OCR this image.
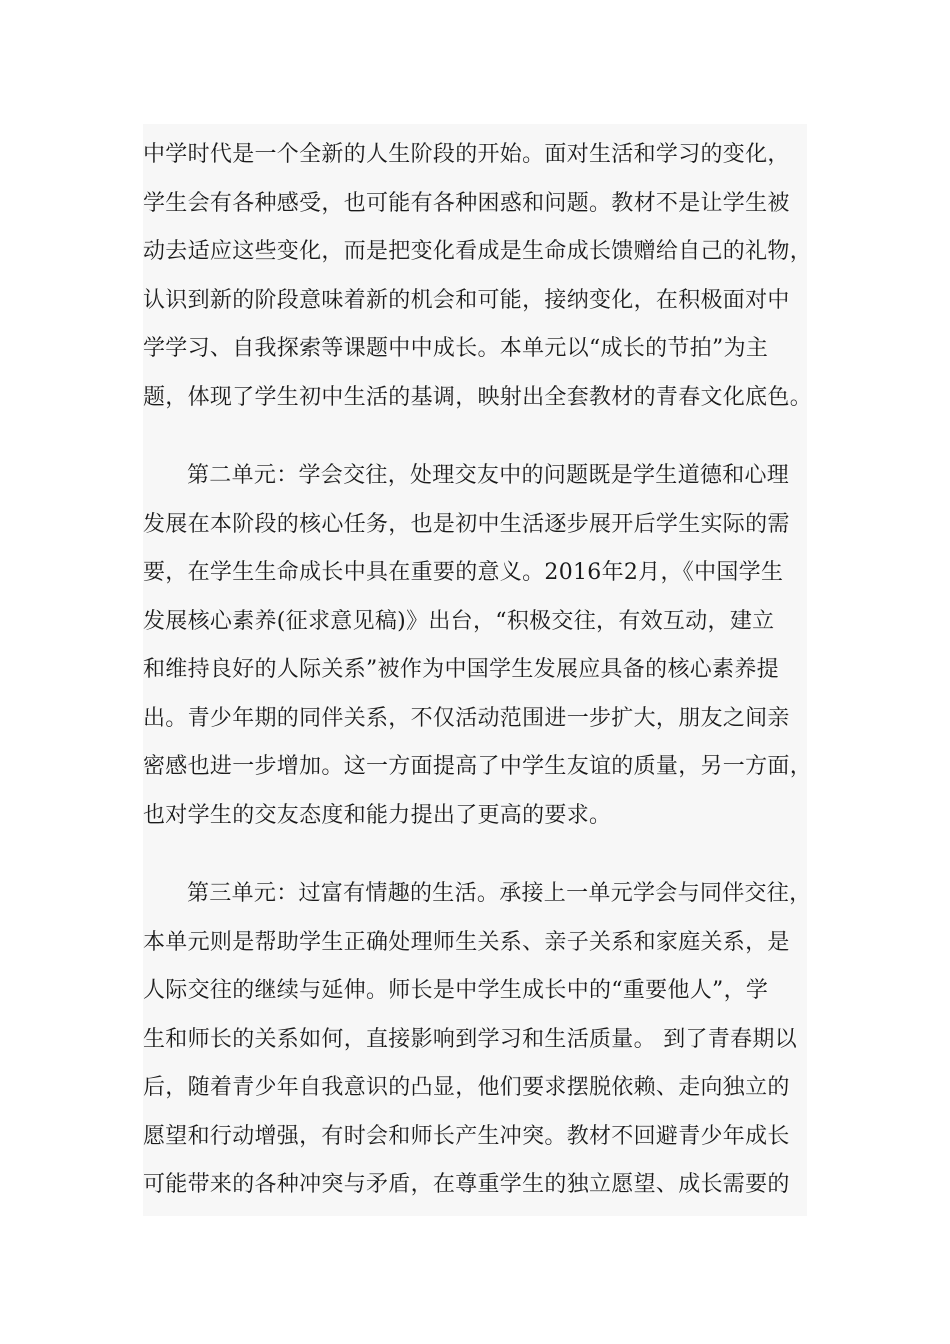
中学时代是一个全新的人生阶段的开始。面对生活和学习的变化，
学生会有各种感受，也可能有各种困惑和问题。教材不是让学生被
动去适应这些变化，而是把变化看成是生命成长馈赠给自己的礼物，
认识到新的阶段意味着新的机会和可能，接纳变化，在积极面对中
学学习、自我探索等课题中中成长。本单元以“成长的节拍”为主
题，体现了学生初中生活的基调，映射出全套教材的青春文化底色。
第二单元：学会交往，处理交友中的问题既是学生道德和心理
发展在本阶段的核心任务，也是初中生活逐步展开后学生实际的需
要，在学生生命成长中具在重要的意义。2016年2月，《中国学生
发展核心素养(征求意见稿)》出台，“积极交往，有效互动，建立
和维持良好的人际关系”被作为中国学生发展应具备的核心素养提
出。青少年期的同伴关系，不仅活动范围进一步扩大，朋友之间亲
密感也进一步增加。这一方面提高了中学生友谊的质量，另一方面，
也对学生的交友态度和能力提出了更高的要求。
第三单元：过富有情趣的生活。承接上一单元学会与同伴交往，
本单元则是帮助学生正确处理师生关系、亲子关系和家庭关系，是
人际交往的继续与延伸。师长是中学生成长中的“重要他人”，学
生和师长的关系如何，直接影响到学习和生活质量。 到了青春期以
后，随着青少年自我意识的凸显，他们要求摆脱依赖、走向独立的
愿望和行动增强，有时会和师长产生冲突。教材不回避青少年成长
可能带来的各种冲突与矛盾，在尊重学生的独立愿望、成长需要的
